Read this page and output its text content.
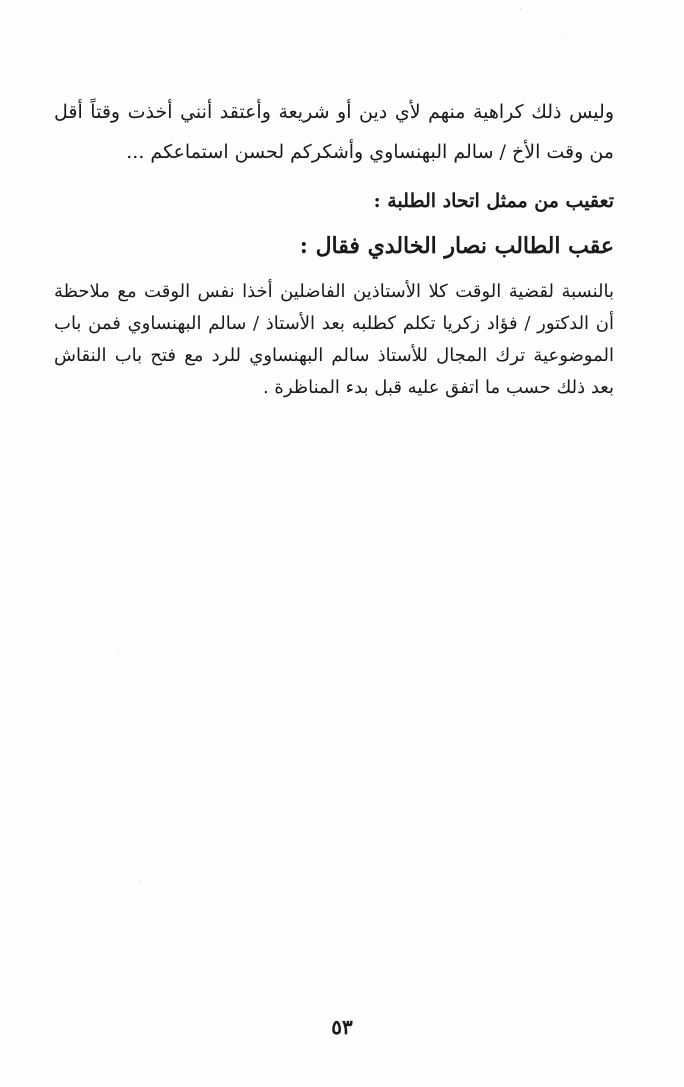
وليس ذلك كراهية منهم لأي دين أو شريعة وأعتقد أنني أخذت وقتاً أقل من وقت الأخ / سالم البهنساوي وأشكركم لحسن استماعكم ...

تعقيب من ممثل اتحاد الطلبة :
عقب الطالب نصار الخالدي فقال :

بالنسبة لقضية الوقت كلا الأستاذين الفاضلين أخذا نفس الوقت مع ملاحظة أن الدكتور / فؤاد زكريا تكلم كطلبه بعد الأستاذ / سالم البهنساوي فمن باب الموضوعية ترك المجال للأستاذ سالم البهنساوي للرد مع فتح باب النقاش بعد ذلك حسب ما اتفق عليه قبل بدء المناظرة .

٥٣
